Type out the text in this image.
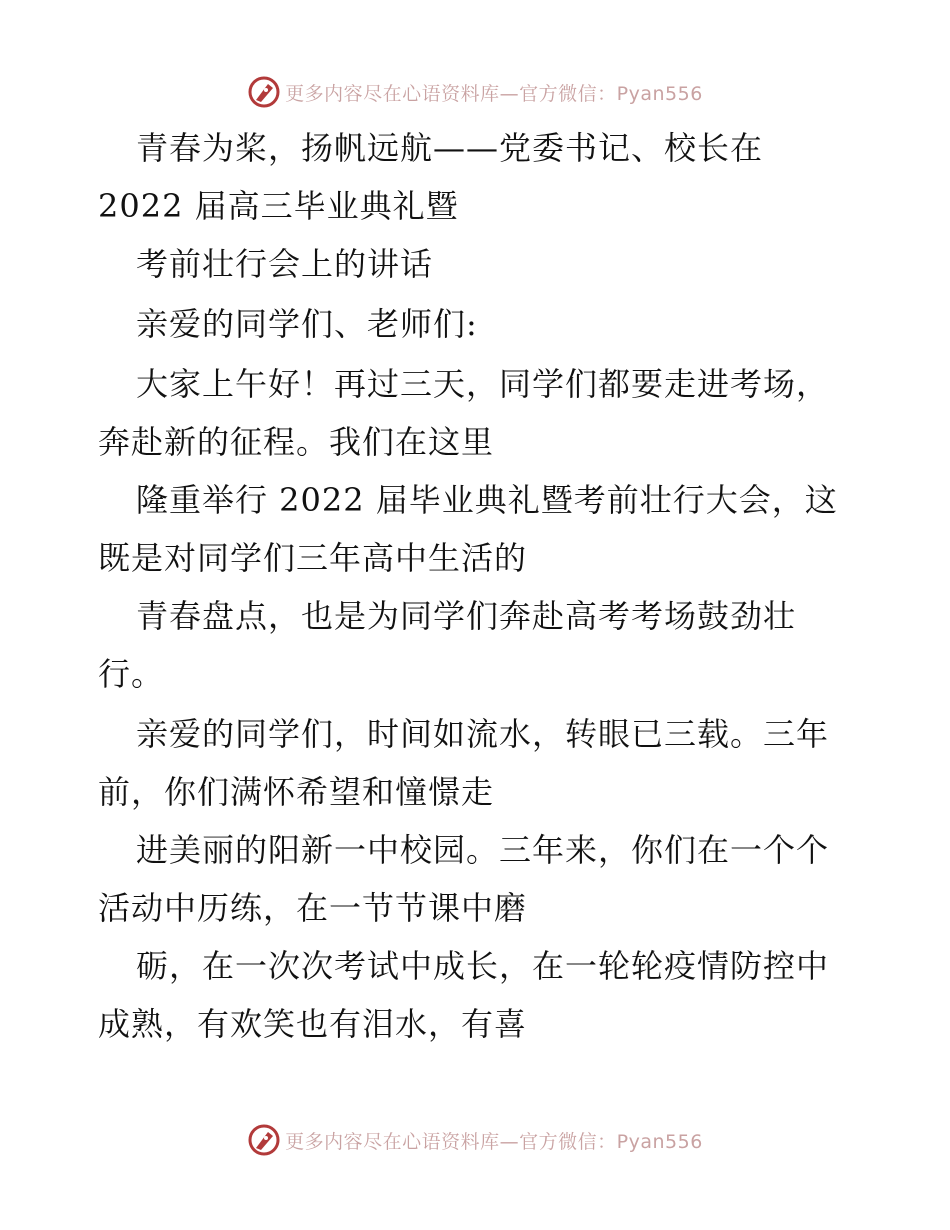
更多内容尽在心语资料库—官方微信：Pyan556
青春为桨，扬帆远航——党委书记、校长在
2022 届高三毕业典礼暨
考前壮行会上的讲话
亲爱的同学们、老师们:
大家上午好！再过三天，同学们都要走进考场，
奔赴新的征程。我们在这里
隆重举行 2022 届毕业典礼暨考前壮行大会，这
既是对同学们三年高中生活的
青春盘点，也是为同学们奔赴高考考场鼓劲壮
行。
亲爱的同学们，时间如流水，转眼已三载。三年
前，你们满怀希望和憧憬走
进美丽的阳新一中校园。三年来，你们在一个个
活动中历练，在一节节课中磨
砺，在一次次考试中成长，在一轮轮疫情防控中
成熟，有欢笑也有泪水，有喜
更多内容尽在心语资料库—官方微信：Pyan556
